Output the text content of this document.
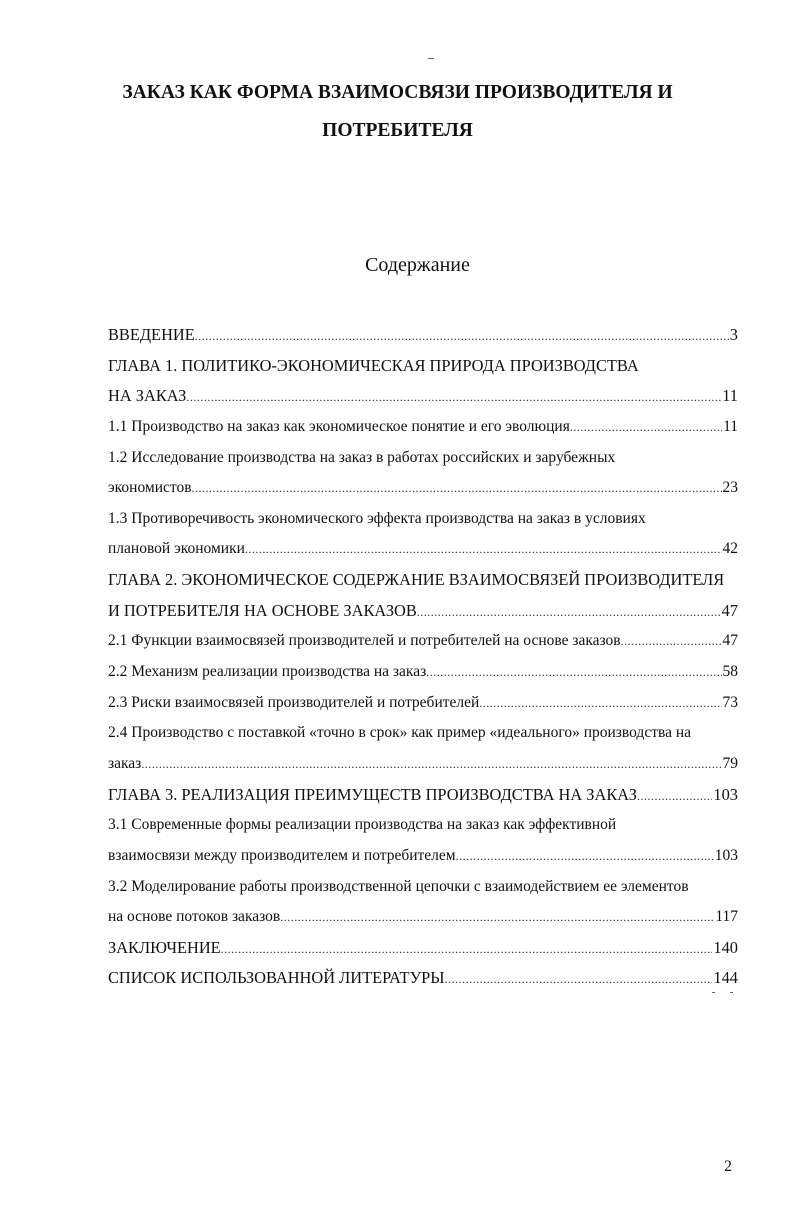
ЗАКАЗ КАК ФОРМА ВЗАИМОСВЯЗИ ПРОИЗВОДИТЕЛЯ И
ПОТРЕБИТЕЛЯ
Содержание
ВВЕДЕНИЕ .....	3
ГЛАВА 1. ПОЛИТИКО-ЭКОНОМИЧЕСКАЯ ПРИРОДА ПРОИЗВОДСТВА
НА ЗАКАЗ .....	11
1.1 Производство на заказ как экономическое понятие и его эволюция .....	11
1.2 Исследование производства на заказ в работах российских и зарубежных
экономистов .....	23
1.3 Противоречивость экономического эффекта производства на заказ в условиях
плановой экономики .....	42
ГЛАВА 2. ЭКОНОМИЧЕСКОЕ СОДЕРЖАНИЕ ВЗАИМОСВЯЗЕЙ ПРОИЗВОДИТЕЛЯ
И ПОТРЕБИТЕЛЯ НА ОСНОВЕ ЗАКАЗОВ .....	47
2.1 Функции взаимосвязей производителей и потребителей на основе заказов .....	47
2.2 Механизм реализации производства на заказ .....	58
2.3 Риски взаимосвязей производителей и потребителей .....	73
2.4 Производство с поставкой «точно в срок» как пример «идеального» производства на
заказ .....	79
ГЛАВА 3. РЕАЛИЗАЦИЯ ПРЕИМУЩЕСТВ ПРОИЗВОДСТВА НА ЗАКАЗ .....	103
3.1 Современные формы реализации производства на заказ как эффективной
взаимосвязи между производителем и потребителем .....	103
3.2 Моделирование работы производственной цепочки с взаимодействием ее элементов
на основе потоков заказов .....	117
ЗАКЛЮЧЕНИЕ .....	140
СПИСОК ИСПОЛЬЗОВАННОЙ ЛИТЕРАТУРЫ .....	144
2
